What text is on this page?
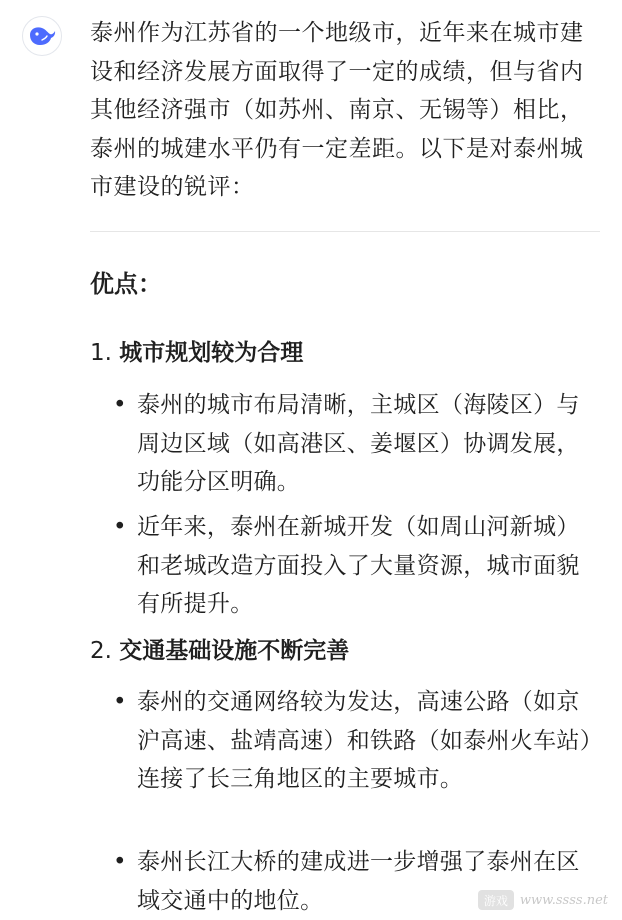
泰州作为江苏省的一个地级市，近年来在城市建设和经济发展方面取得了一定的成绩，但与省内其他经济强市（如苏州、南京、无锡等）相比，泰州的城建水平仍有一定差距。以下是对泰州城市建设的锐评：

优点：
1. 城市规划较为合理
• 泰州的城市布局清晰，主城区（海陵区）与周边区域（如高港区、姜堰区）协调发展，功能分区明确。
• 近年来，泰州在新城开发（如周山河新城）和老城改造方面投入了大量资源，城市面貌有所提升。
2. 交通基础设施不断完善
• 泰州的交通网络较为发达，高速公路（如京沪高速、盐靖高速）和铁路（如泰州火车站）连接了长三角地区的主要城市。
• 泰州长江大桥的建成进一步增强了泰州在区域交通中的地位。	游戏 www.ssss.net
